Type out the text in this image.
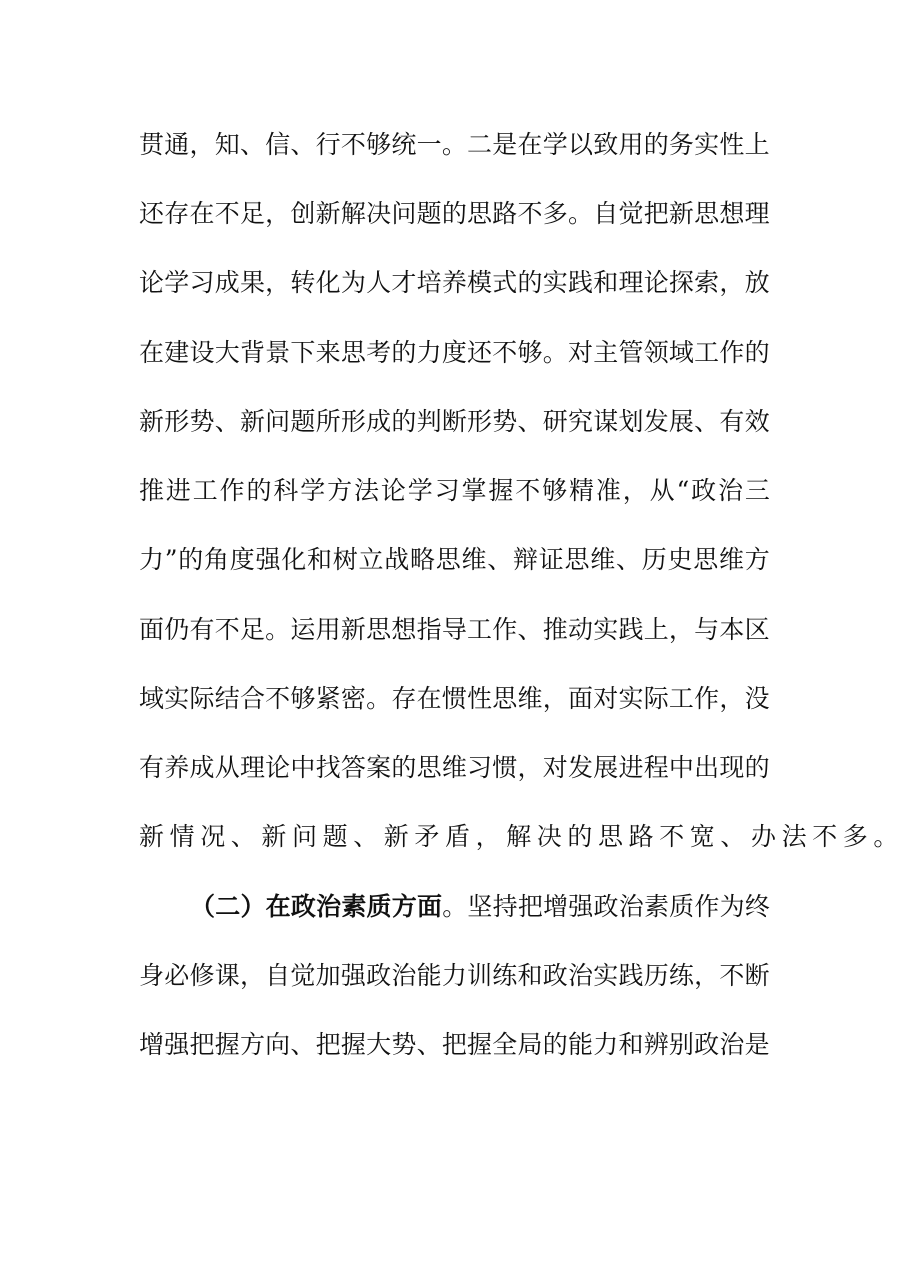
贯 通 ， 知 、 信 、 行 不 够 统 一 。 二 是 在 学 以 致 用 的 务 实 性 上
还 存 在 不 足 ， 创 新 解 决 问 题 的 思 路 不 多 。 自 觉 把 新 思 想 理
论 学 习 成 果 ， 转 化 为 人 才 培 养 模 式 的 实 践 和 理 论 探 索 ， 放
在 建 设 大 背 景 下 来 思 考 的 力 度 还 不 够 。 对 主 管 领 域 工 作 的
新 形 势 、 新 问 题 所 形 成 的 判 断 形 势 、 研 究 谋 划 发 展 、 有 效
推 进 工 作 的 科 学 方 法 论 学 习 掌 握 不 够 精 准 ， 从 “ 政 治 三
力 ” 的 角 度 强 化 和 树 立 战 略 思 维 、 辩 证 思 维 、 历 史 思 维 方
面 仍 有 不 足 。 运 用 新 思 想 指 导 工 作 、 推 动 实 践 上 ， 与 本 区
域 实 际 结 合 不 够 紧 密 。 存 在 惯 性 思 维 ， 面 对 实 际 工 作 ， 没
有 养 成 从 理 论 中 找 答 案 的 思 维 习 惯 ， 对 发 展 进 程 中 出 现 的
新情况、新问题、新矛盾，解决的思路不宽、办法不多。
（ 二 ） 在 政 治 素 质 方 面 。 坚 持 把 增 强 政 治 素 质 作 为 终
身 必 修 课 ， 自 觉 加 强 政 治 能 力 训 练 和 政 治 实 践 历 练 ， 不 断
增 强 把 握 方 向 、 把 握 大 势 、 把 握 全 局 的 能 力 和 辨 别 政 治 是
